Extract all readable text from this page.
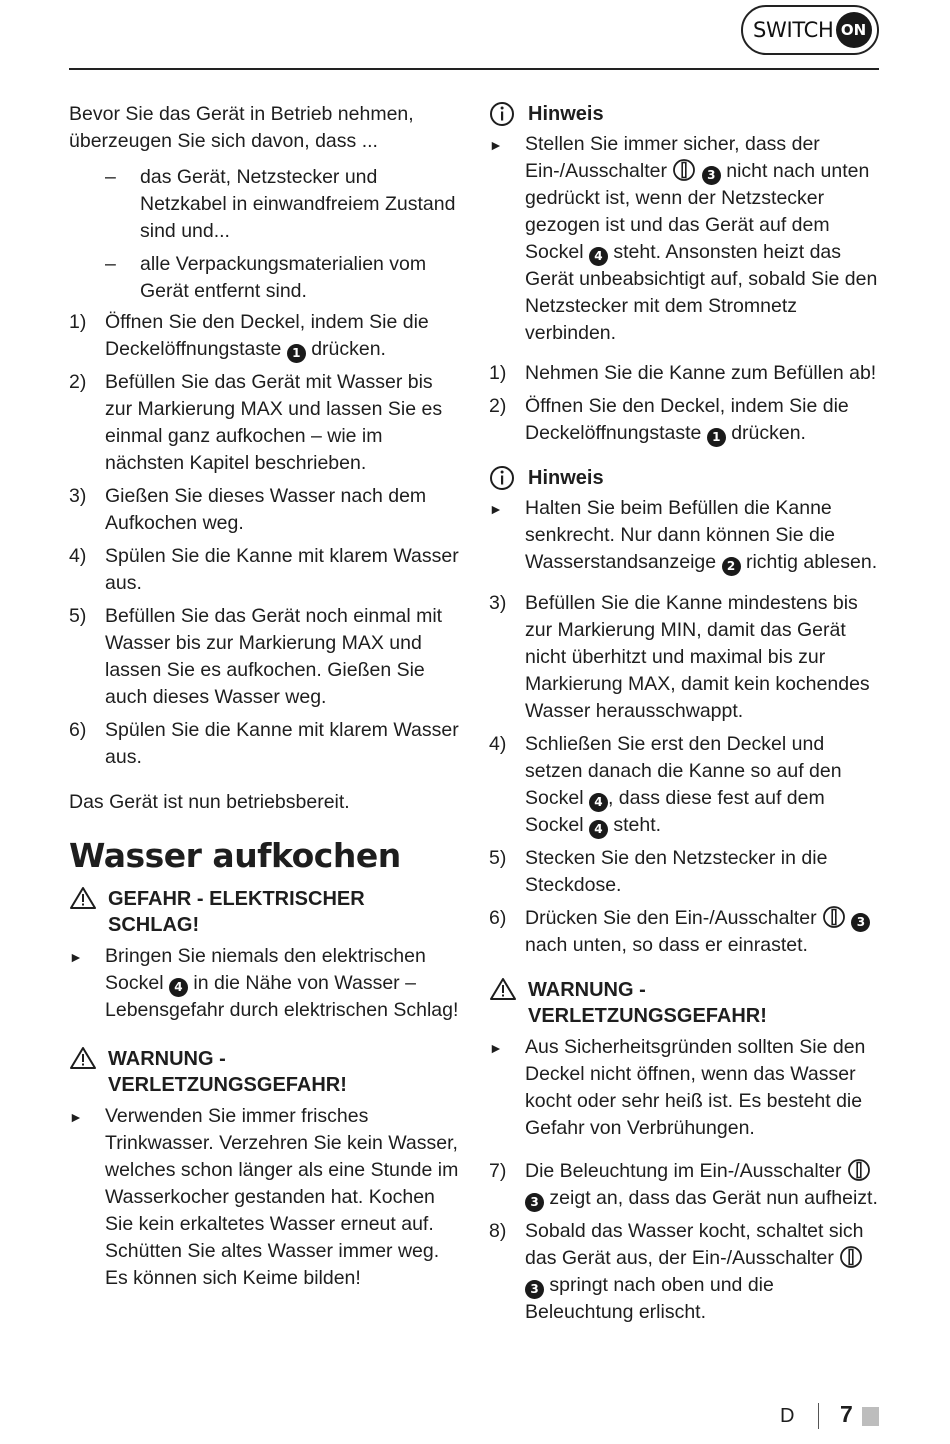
SWITCH ON

Bevor Sie das Gerät in Betrieb nehmen, überzeugen Sie sich davon, dass ...

– das Gerät, Netzstecker und Netzkabel in einwandfreiem Zustand sind und...
– alle Verpackungsmaterialien vom Gerät entfernt sind.
1) Öffnen Sie den Deckel, indem Sie die Deckelöffnungstaste 1 drücken.
2) Befüllen Sie das Gerät mit Wasser bis zur Markierung MAX und lassen Sie es einmal ganz aufkochen – wie im nächsten Kapitel beschrieben.
3) Gießen Sie dieses Wasser nach dem Aufkochen weg.
4) Spülen Sie die Kanne mit klarem Wasser aus.
5) Befüllen Sie das Gerät noch einmal mit Wasser bis zur Markierung MAX und lassen Sie es aufkochen. Gießen Sie auch dieses Wasser weg.
6) Spülen Sie die Kanne mit klarem Wasser aus.

Das Gerät ist nun betriebsbereit.

Wasser aufkochen
GEFAHR - ELEKTRISCHER SCHLAG!
► Bringen Sie niemals den elektrischen Sockel 4 in die Nähe von Wasser – Lebensgefahr durch elektrischen Schlag!
WARNUNG - VERLETZUNGSGEFAHR!
► Verwenden Sie immer frisches Trinkwasser. Verzehren Sie kein Wasser, welches schon länger als eine Stunde im Wasserkocher gestanden hat. Kochen Sie kein erkaltetes Wasser erneut auf. Schütten Sie altes Wasser immer weg. Es können sich Keime bilden!
Hinweis
► Stellen Sie immer sicher, dass der Ein-/Ausschalter	3 nicht nach unten gedrückt ist, wenn der Netzstecker gezogen ist und das Gerät auf dem Sockel 4 steht. Ansonsten heizt das Gerät unbeabsichtigt auf, sobald Sie den Netzstecker mit dem Stromnetz verbinden.
1) Nehmen Sie die Kanne zum Befüllen ab!
2) Öffnen Sie den Deckel, indem Sie die Deckelöffnungstaste 1 drücken.
Hinweis
► Halten Sie beim Befüllen die Kanne senkrecht. Nur dann können Sie die Wasserstandsanzeige 2 richtig ablesen.
3) Befüllen Sie die Kanne mindestens bis zur Markierung MIN, damit das Gerät nicht überhitzt und maximal bis zur Markierung MAX, damit kein kochendes Wasser herausschwappt.
4) Schließen Sie erst den Deckel und setzen danach die Kanne so auf den Sockel 4 , dass diese fest auf dem Sockel 4 steht.
5) Stecken Sie den Netzstecker in die Steckdose.
6) Drücken Sie den Ein-/Ausschalter	3 nach unten, so dass er einrastet.
WARNUNG - VERLETZUNGSGEFAHR!
► Aus Sicherheitsgründen sollten Sie den Deckel nicht öffnen, wenn das Wasser kocht oder sehr heiß ist. Es besteht die Gefahr von Verbrühungen.
7) Die Beleuchtung im Ein-/Ausschalter  3 zeigt an, dass das Gerät nun aufheizt.
8) Sobald das Wasser kocht, schaltet sich das Gerät aus, der Ein-/Ausschalter  3 springt nach oben und die Beleuchtung erlischt.
D 7
